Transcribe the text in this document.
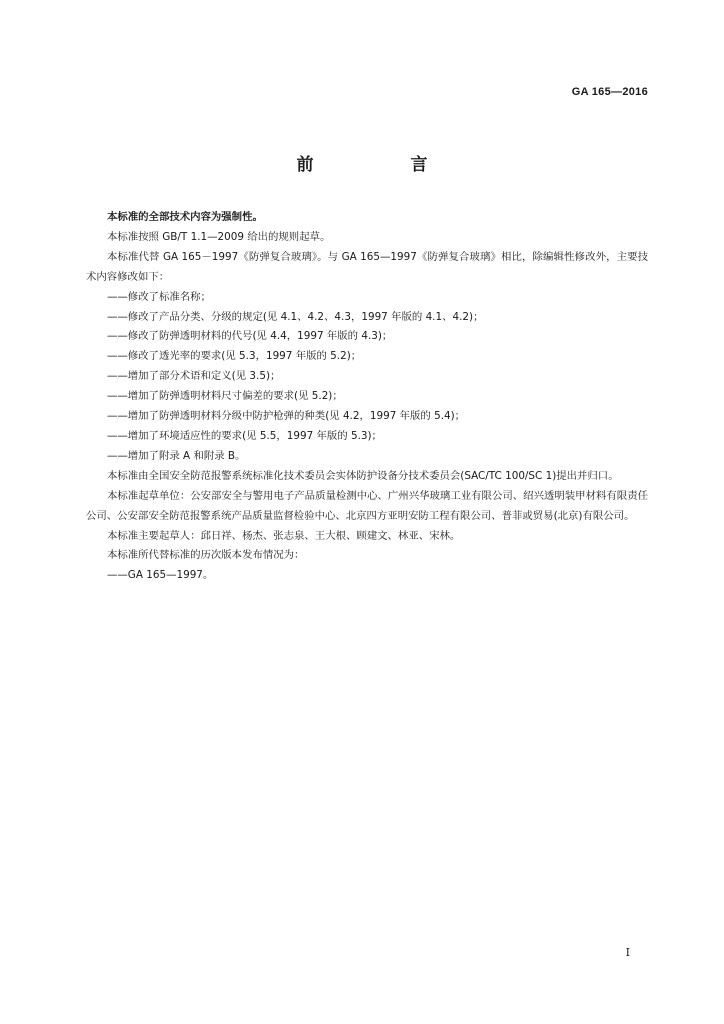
GA 165—2016
前　言

本标准的全部技术内容为强制性。

本标准按照 GB/T 1.1—2009 给出的规则起草。

本标准代替 GA 165－1997《防弹复合玻璃》。与 GA 165—1997《防弹复合玻璃》相比，除编辑性修改外，主要技术内容修改如下：

——修改了标准名称；

——修改了产品分类、分级的规定(见 4.1、4.2、4.3，1997 年版的 4.1、4.2)；

——修改了防弹透明材料的代号(见 4.4，1997 年版的 4.3)；

——修改了透光率的要求(见 5.3，1997 年版的 5.2)；

——增加了部分术语和定义(见 3.5)；

——增加了防弹透明材料尺寸偏差的要求(见 5.2)；

——增加了防弹透明材料分级中防护枪弹的种类(见 4.2，1997 年版的 5.4)；

——增加了环境适应性的要求(见 5.5，1997 年版的 5.3)；

——增加了附录 A 和附录 B。

本标准由全国安全防范报警系统标准化技术委员会实体防护设备分技术委员会(SAC/TC 100/SC 1)提出并归口。

本标准起草单位：公安部安全与警用电子产品质量检测中心、广州兴华玻璃工业有限公司、绍兴透明装甲材料有限责任公司、公安部安全防范报警系统产品质量监督检验中心、北京四方亚明安防工程有限公司、普菲或贸易(北京)有限公司。

本标准主要起草人：邱日祥、杨杰、张志泉、王大根、顾建文、林亚、宋林。

本标准所代替标准的历次版本发布情况为：

——GA 165—1997。

I
